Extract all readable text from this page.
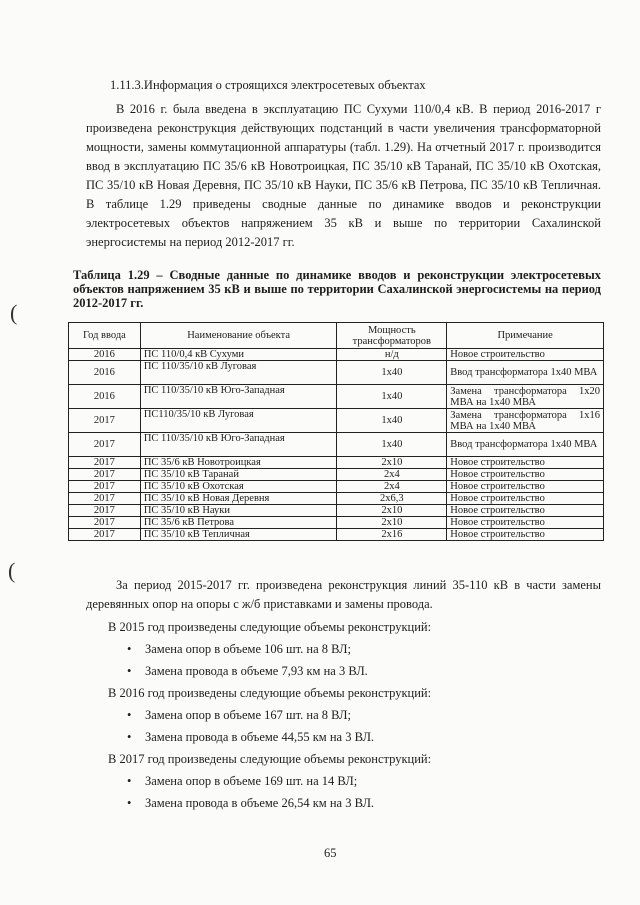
(
(
1.11.3.Информация о строящихся электросетевых объектах

В 2016 г. была введена в эксплуатацию ПС Сухуми 110/0,4 кВ. В период 2016-2017 г произведена реконструкция действующих подстанций в части увеличения трансформаторной мощности, замены коммутационной аппаратуры (табл. 1.29). На отчетный 2017 г. производится ввод в эксплуатацию ПС 35/6 кВ Новотроицкая, ПС 35/10 кВ Таранай, ПС 35/10 кВ Охотская, ПС 35/10 кВ Новая Деревня, ПС 35/10 кВ Науки, ПС 35/6 кВ Петрова, ПС 35/10 кВ Тепличная. В таблице 1.29 приведены сводные данные по динамике вводов и реконструкции электросетевых объектов напряжением 35 кВ и выше по территории Сахалинской энергосистемы на период 2012-2017 гг.

Таблица 1.29 – Сводные данные по динамике вводов и реконструкции электросетевых объектов напряжением 35 кВ и выше по территории Сахалинской энергосистемы на период 2012-2017 гг.
Год ввода	Наименование объекта	Мощность трансформаторов	Примечание
2016	ПС 110/0,4 кВ Сухуми	н/д	Новое строительство
2016	ПС 110/35/10 кВ Луговая	1х40	Ввод трансформатора 1х40 МВА
2016	ПС 110/35/10 кВ Юго-Западная	1х40	Замена трансформатора 1х20 МВА на 1х40 МВА
2017	ПС110/35/10 кВ Луговая	1х40	Замена трансформатора 1х16 МВА на 1х40 МВА
2017	ПС 110/35/10 кВ Юго-Западная	1х40	Ввод трансформатора 1х40 МВА
2017	ПС 35/6 кВ Новотроицкая	2х10	Новое строительство
2017	ПС 35/10 кВ Таранай	2х4	Новое строительство
2017	ПС 35/10 кВ Охотская	2х4	Новое строительство
2017	ПС 35/10 кВ Новая Деревня	2х6,3	Новое строительство
2017	ПС 35/10 кВ Науки	2х10	Новое строительство
2017	ПС 35/6 кВ Петрова	2х10	Новое строительство
2017	ПС 35/10 кВ Тепличная	2х16	Новое строительство

За период 2015-2017 гг. произведена реконструкция линий 35-110 кВ в части замены деревянных опор на опоры с ж/б приставками и замены провода.

В 2015 год произведены следующие объемы реконструкций:
• Замена опор в объеме 106 шт. на 8 ВЛ;
• Замена провода в объеме 7,93 км на 3 ВЛ.
В 2016 год произведены следующие объемы реконструкций:
• Замена опор в объеме 167 шт. на 8 ВЛ;
• Замена провода в объеме 44,55 км на 3 ВЛ.
В 2017 год произведены следующие объемы реконструкций:
• Замена опор в объеме 169 шт. на 14 ВЛ;
• Замена провода в объеме 26,54 км на 3 ВЛ.
65
